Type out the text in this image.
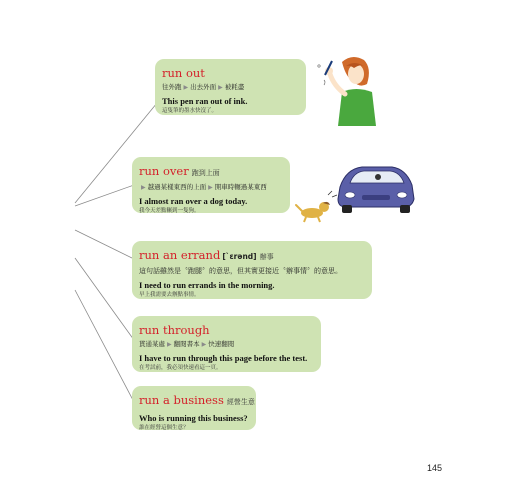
run out
往外跑 ▶ 出去外面 ▶ 被耗盡
This pen ran out of ink.
這隻筆的墨水快沒了。
run over 跑到上面
▶ 越過某樣東西的上面 ▶ 開車時輾過某東西
I almost ran over a dog today.
我今天差點輾到一隻狗。
run an errand [ˋɛrənd] 辦事
這句話雖然是〝跑腿〞的意思，但其實更接近〝辦事情〞的意思。
I need to run errands in the morning.
早上我需要去辦點事情。
run through
貫通某處 ▶ 翻閱書本 ▶ 快速翻閱
I have to run through this page before the test.
在考試前，我必須快速看這一頁。
run a business 經營生意
Who is running this business?
誰在經營這個生意？
145
